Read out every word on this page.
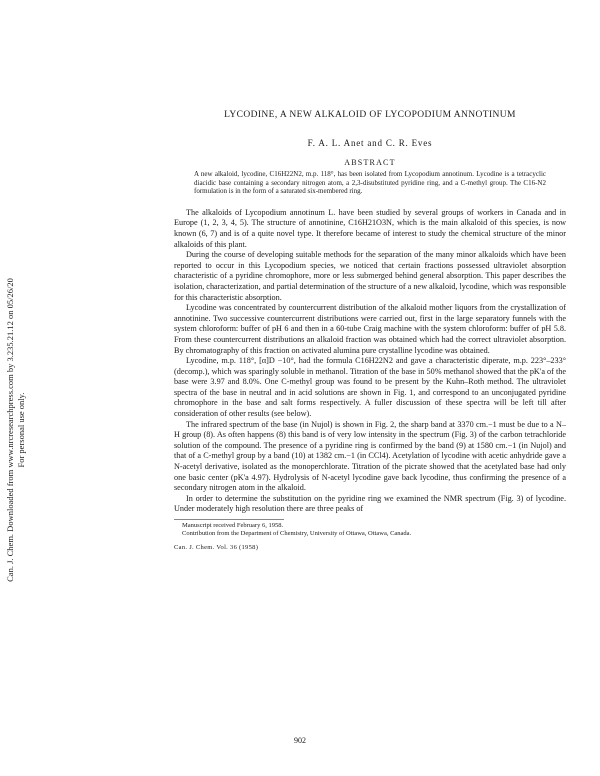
Can. J. Chem. Downloaded from www.nrcresearchpress.com by 3.235.21.12 on 05/26/20 For personal use only.
LYCODINE, A NEW ALKALOID OF LYCOPODIUM ANNOTINUM
F. A. L. Anet and C. R. Eves
ABSTRACT

A new alkaloid, lycodine, C16H22N2, m.p. 118°, has been isolated from Lycopodium annotinum. Lycodine is a tetracyclic diacidic base containing a secondary nitrogen atom, a 2,3-disubstituted pyridine ring, and a C-methyl group. The C16-N2 formulation is in the form of a saturated six-membered ring.

The alkaloids of Lycopodium annotinum L. have been studied by several groups of workers in Canada and in Europe (1, 2, 3, 4, 5). The structure of annotinine, C16H21O3N, which is the main alkaloid of this species, is now known (6, 7) and is of a quite novel type. It therefore became of interest to study the chemical structure of the minor alkaloids of this plant.

During the course of developing suitable methods for the separation of the many minor alkaloids which have been reported to occur in this Lycopodium species, we noticed that certain fractions possessed ultraviolet absorption characteristic of a pyridine chromophore, more or less submerged behind general absorption. This paper describes the isolation, characterization, and partial determination of the structure of a new alkaloid, lycodine, which was responsible for this characteristic absorption.

Lycodine was concentrated by countercurrent distribution of the alkaloid mother liquors from the crystallization of annotinine. Two successive countercurrent distributions were carried out, first in the large separatory funnels with the system chloroform: buffer of pH 6 and then in a 60-tube Craig machine with the system chloroform: buffer of pH 5.8. From these countercurrent distributions an alkaloid fraction was obtained which had the correct ultraviolet absorption. By chromatography of this fraction on activated alumina pure crystalline lycodine was obtained.

Lycodine, m.p. 118°, [α]D −10°, had the formula C16H22N2 and gave a characteristic diperate, m.p. 223°–233° (decomp.), which was sparingly soluble in methanol. Titration of the base in 50% methanol showed that the pK'a of the base were 3.97 and 8.0%. One C-methyl group was found to be present by the Kuhn–Roth method. The ultraviolet spectra of the base in neutral and in acid solutions are shown in Fig. 1, and correspond to an unconjugated pyridine chromophore in the base and salt forms respectively. A fuller discussion of these spectra will be left till after consideration of other results (see below).

The infrared spectrum of the base (in Nujol) is shown in Fig. 2, the sharp band at 3370 cm.−1 must be due to a N–H group (8). As often happens (8) this band is of very low intensity in the spectrum (Fig. 3) of the carbon tetrachloride solution of the compound. The presence of a pyridine ring is confirmed by the band (9) at 1580 cm.−1 (in Nujol) and that of a C-methyl group by a band (10) at 1382 cm.−1 (in CCl4). Acetylation of lycodine with acetic anhydride gave a N-acetyl derivative, isolated as the monoperchlorate. Titration of the picrate showed that the acetylated base had only one basic center (pK'a 4.97). Hydrolysis of N-acetyl lycodine gave back lycodine, thus confirming the presence of a secondary nitrogen atom in the alkaloid.

In order to determine the substitution on the pyridine ring we examined the NMR spectrum (Fig. 3) of lycodine. Under moderately high resolution there are three peaks of

Manuscript received February 6, 1958.

Contribution from the Department of Chemistry, University of Ottawa, Ottawa, Canada.

Can. J. Chem. Vol. 36 (1958)

902
